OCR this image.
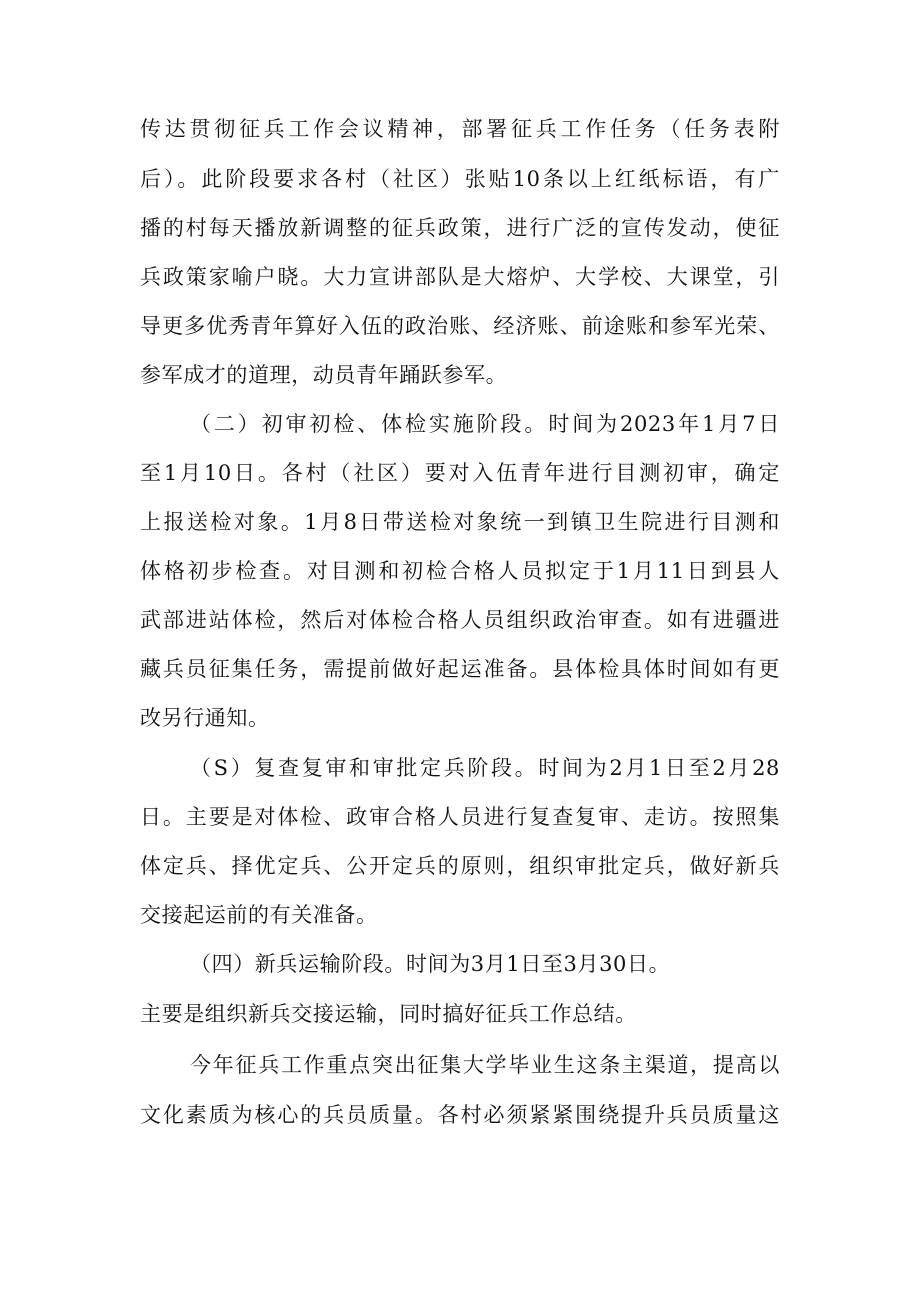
传达贯彻征兵工作会议精神，部署征兵工作任务（任务表附
后）。此阶段要求各村（社区）张贴10条以上红纸标语，有广
播的村每天播放新调整的征兵政策，进行广泛的宣传发动，使征
兵政策家喻户晓。大力宣讲部队是大熔炉、大学校、大课堂，引
导更多优秀青年算好入伍的政治账、经济账、前途账和参军光荣、
参军成才的道理，动员青年踊跃参军。
（二）初审初检、体检实施阶段。时间为2023年1月7日
至1月10日。各村（社区）要对入伍青年进行目测初审，确定
上报送检对象。1月8日带送检对象统一到镇卫生院进行目测和
体格初步检查。对目测和初检合格人员拟定于1月11日到县人
武部进站体检，然后对体检合格人员组织政治审查。如有进疆进
藏兵员征集任务，需提前做好起运准备。县体检具体时间如有更
改另行通知。
（S）复查复审和审批定兵阶段。时间为2月1日至2月28
日。主要是对体检、政审合格人员进行复查复审、走访。按照集
体定兵、择优定兵、公开定兵的原则，组织审批定兵，做好新兵
交接起运前的有关准备。
（四）新兵运输阶段。时间为3月1日至3月30日。
主要是组织新兵交接运输，同时搞好征兵工作总结。
今年征兵工作重点突出征集大学毕业生这条主渠道，提高以
文化素质为核心的兵员质量。各村必须紧紧围绕提升兵员质量这
